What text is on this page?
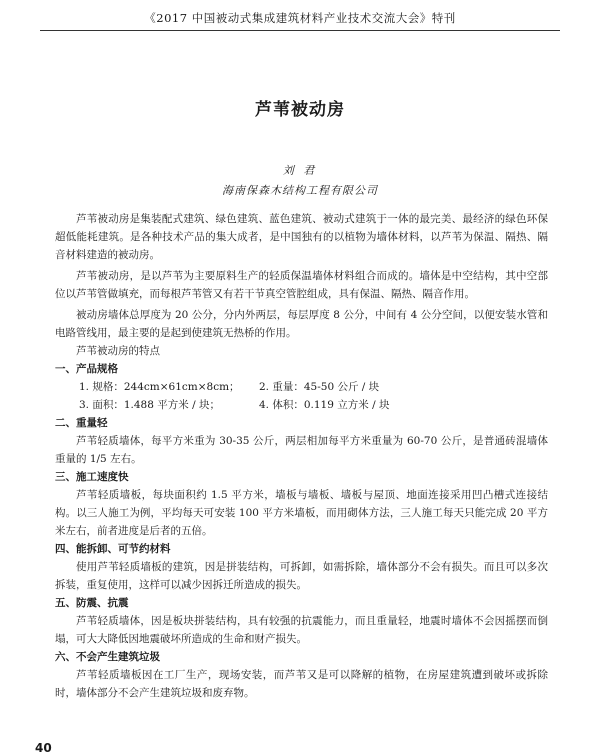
《2017 中国被动式集成建筑材料产业技术交流大会》特刊
芦苇被动房
刘 君
海南保森木结构工程有限公司

芦苇被动房是集装配式建筑、绿色建筑、蓝色建筑、被动式建筑于一体的最完美、最经济的绿色环保超低能耗建筑。是各种技术产品的集大成者，是中国独有的以植物为墙体材料，以芦苇为保温、隔热、隔音材料建造的被动房。

芦苇被动房，是以芦苇为主要原料生产的轻质保温墙体材料组合而成的。墙体是中空结构，其中空部位以芦苇管做填充，而每根芦苇管又有若干节真空管腔组成，具有保温、隔热、隔音作用。

被动房墙体总厚度为 20 公分，分内外两层，每层厚度 8 公分，中间有 4 公分空间，以便安装水管和电路管线用，最主要的是起到使建筑无热桥的作用。

芦苇被动房的特点

一、产品规格
1. 规格：244cm×61cm×8cm； 2. 重量：45-50 公斤 / 块
3. 面积：1.488 平方米 / 块；	4. 体积：0.119 立方米 / 块
二、重量轻

芦苇轻质墙体，每平方米重为 30-35 公斤，两层相加每平方米重量为 60-70 公斤，是普通砖混墙体重量的 1/5 左右。

三、施工速度快

芦苇轻质墙板，每块面积约 1.5 平方米，墙板与墙板、墙板与屋顶、地面连接采用凹凸槽式连接结构。以三人施工为例，平均每天可安装 100 平方米墙板，而用砌体方法，三人施工每天只能完成 20 平方米左右，前者进度是后者的五倍。

四、能拆卸、可节约材料

使用芦苇轻质墙板的建筑，因是拼装结构，可拆卸，如需拆除，墙体部分不会有损失。而且可以多次拆装，重复使用，这样可以减少因拆迁所造成的损失。

五、防震、抗震

芦苇轻质墙体，因是板块拼装结构，具有较强的抗震能力，而且重量轻，地震时墙体不会因摇摆而倒塌，可大大降低因地震破坏所造成的生命和财产损失。

六、不会产生建筑垃圾

芦苇轻质墙板因在工厂生产，现场安装，而芦苇又是可以降解的植物，在房屋建筑遭到破坏或拆除时，墙体部分不会产生建筑垃圾和废弃物。

40
